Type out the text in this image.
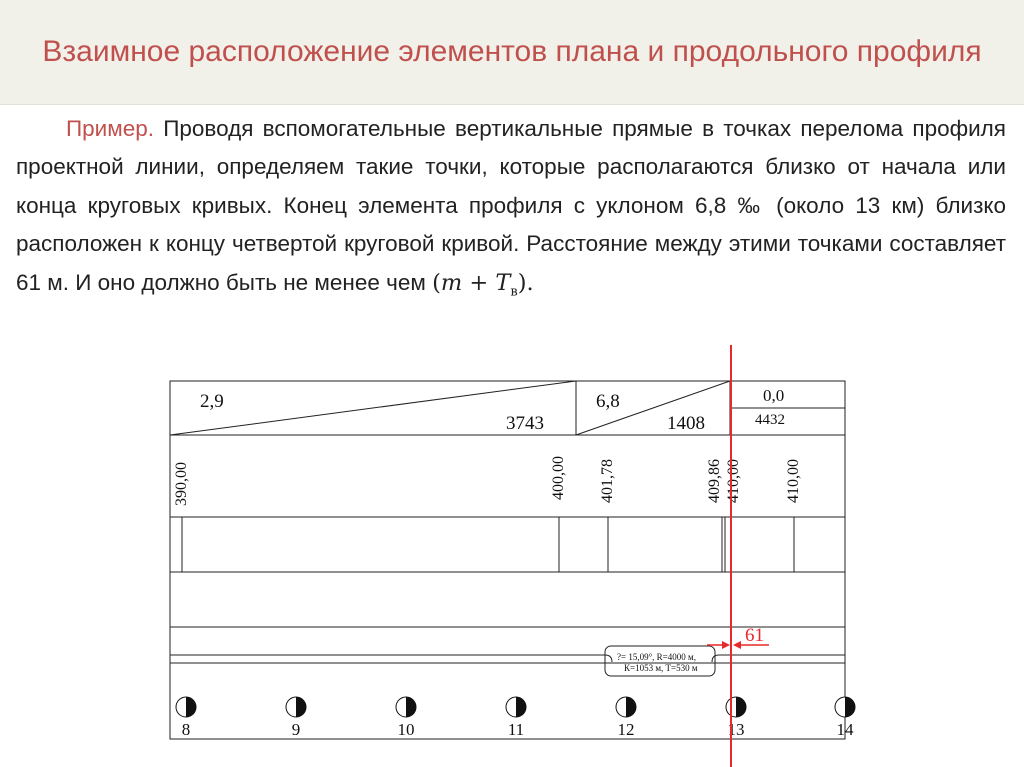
Взаимное расположение элементов плана и продольного профиля

Пример. Проводя вспомогательные вертикальные прямые в точках перелома профиля проектной линии, определяем такие точки, которые располагаются близко от начала или конца круговых кривых. Конец элемента профиля с уклоном 6,8 ‰ (около 13 км) близко расположен к концу четвертой круговой кривой. Расстояние между этими точками составляет 61 м. И оно должно быть не менее чем $(m + T_в)$.

2,9
3743
6,8
1408
0,0
4432
390,00	400,00 401,78	409,86 410,00	410,00
?= 15,09°, R=4000 м,
К=1053 м, Т=530 м
8	9	10	11	12	13	14
61
